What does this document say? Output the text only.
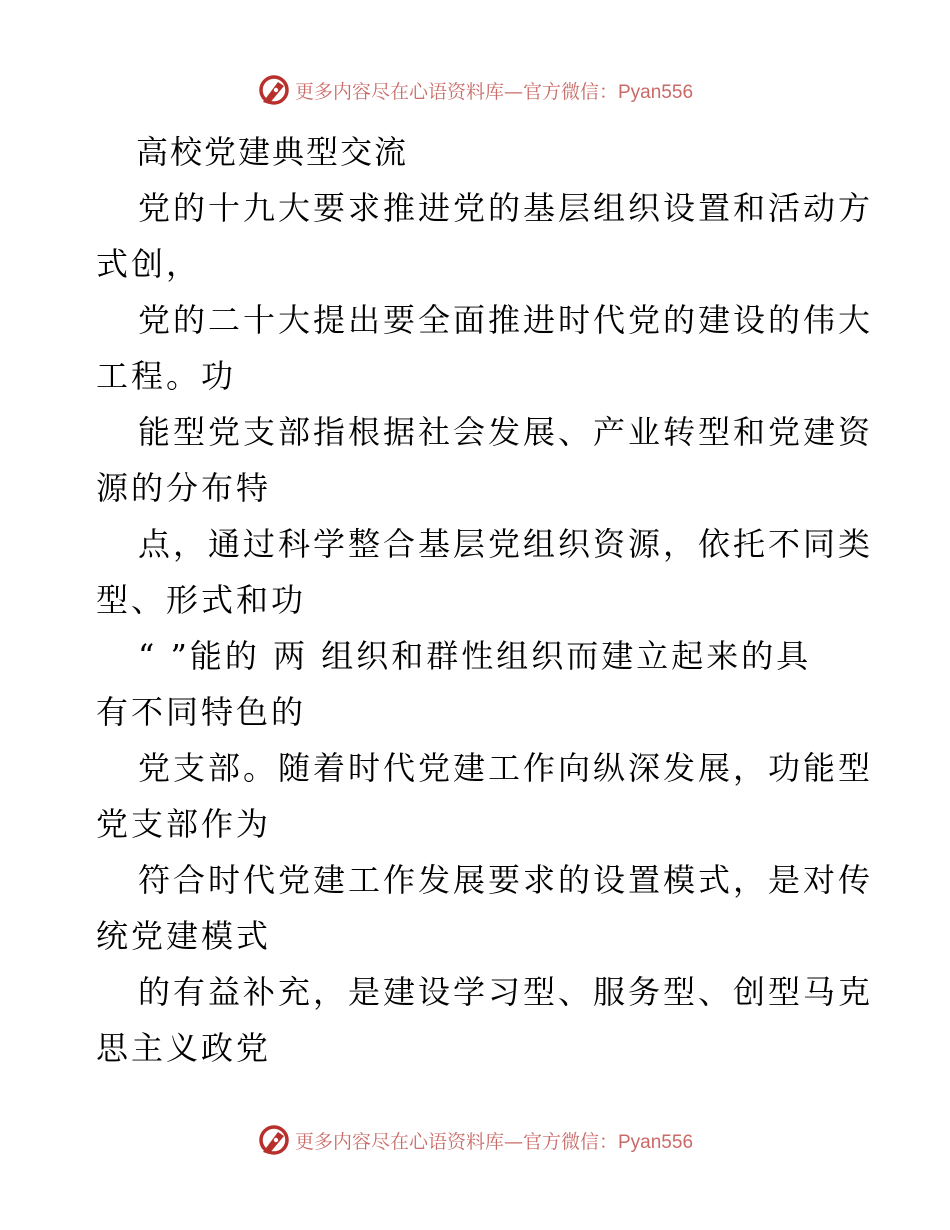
更多内容尽在心语资料库—官方微信：Pyan556
高校党建典型交流
党的十九大要求推进党的基层组织设置和活动方
式创，
党的二十大提出要全面推进时代党的建设的伟大
工程。功
能型党支部指根据社会发展、产业转型和党建资
源的分布特
点，通过科学整合基层党组织资源，依托不同类
型、形式和功
“ ”能的 两 组织和群性组织而建立起来的具
有不同特色的
党支部。随着时代党建工作向纵深发展，功能型
党支部作为
符合时代党建工作发展要求的设置模式，是对传
统党建模式
的有益补充，是建设学习型、服务型、创型马克
思主义政党
更多内容尽在心语资料库—官方微信：Pyan556
